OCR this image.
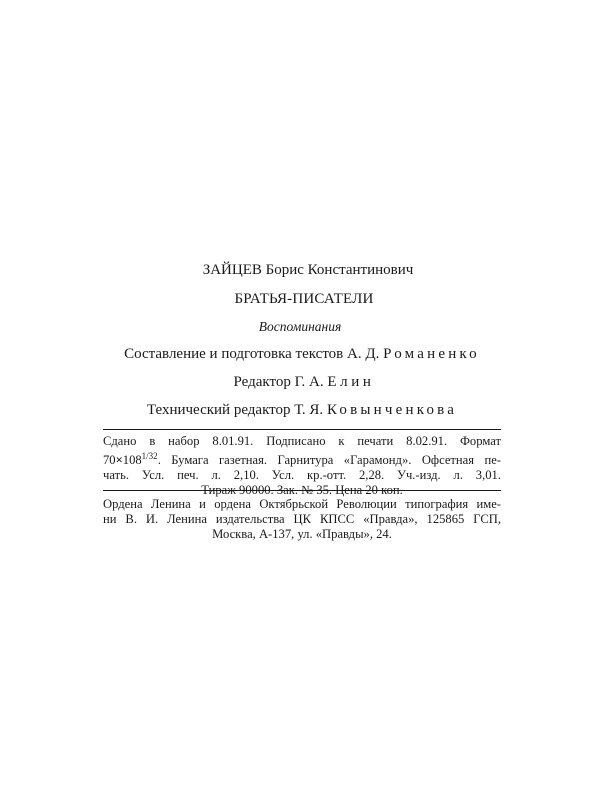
ЗАЙЦЕВ Борис Константинович
БРАТЬЯ-ПИСАТЕЛИ
Воспоминания
Составление и подготовка текстов А. Д. Романенко
Редактор Г. А. Елин
Технический редактор Т. Я. Ковынченкова
Сдано в набор 8.01.91. Подписано к печати 8.02.91. Формат
$70\times 108^{1/32}$. Бумага газетная. Гарнитура «Гарамонд». Офсетная пе-
чать. Усл. печ. л. 2,10. Усл. кр.-отт. 2,28. Уч.-изд. л. 3,01.
Тираж 90000. Зак. № 35. Цена 20 коп.
Ордена Ленина и ордена Октябрьской Революции типография име-
ни В. И. Ленина издательства ЦК КПСС «Правда», 125865 ГСП,
Москва, А-137, ул. «Правды», 24.
